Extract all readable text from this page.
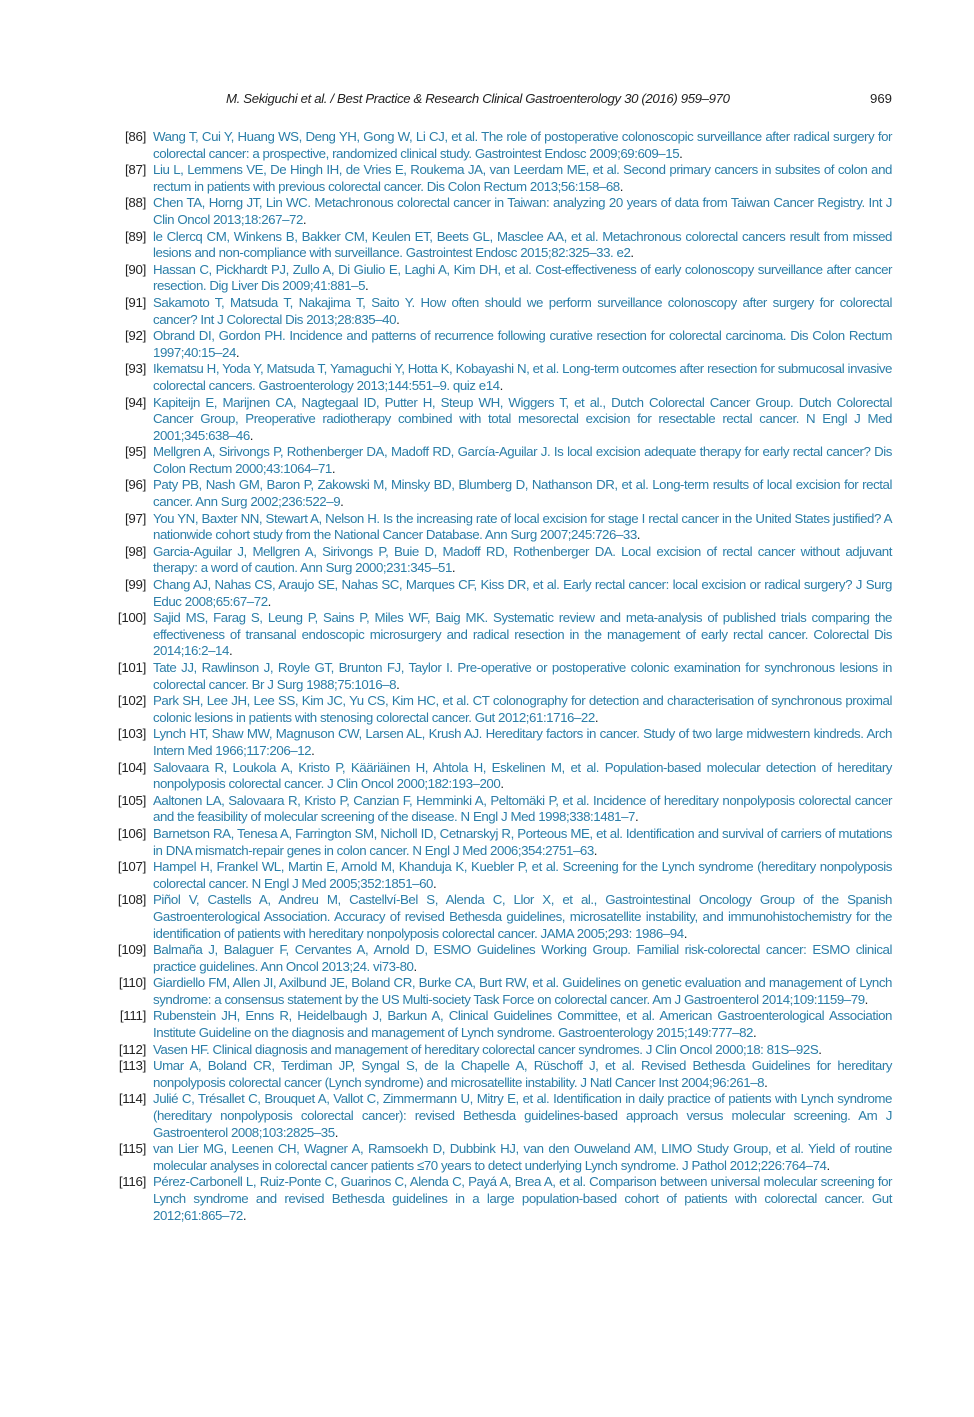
M. Sekiguchi et al. / Best Practice & Research Clinical Gastroenterology 30 (2016) 959–970	969
[86] Wang T, Cui Y, Huang WS, Deng YH, Gong W, Li CJ, et al. The role of postoperative colonoscopic surveillance after radical surgery for colorectal cancer: a prospective, randomized clinical study. Gastrointest Endosc 2009;69:609–15.
[87] Liu L, Lemmens VE, De Hingh IH, de Vries E, Roukema JA, van Leerdam ME, et al. Second primary cancers in subsites of colon and rectum in patients with previous colorectal cancer. Dis Colon Rectum 2013;56:158–68.
[88] Chen TA, Horng JT, Lin WC. Metachronous colorectal cancer in Taiwan: analyzing 20 years of data from Taiwan Cancer Registry. Int J Clin Oncol 2013;18:267–72.
[89] le Clercq CM, Winkens B, Bakker CM, Keulen ET, Beets GL, Masclee AA, et al. Metachronous colorectal cancers result from missed lesions and non-compliance with surveillance. Gastrointest Endosc 2015;82:325–33. e2.
[90] Hassan C, Pickhardt PJ, Zullo A, Di Giulio E, Laghi A, Kim DH, et al. Cost-effectiveness of early colonoscopy surveillance after cancer resection. Dig Liver Dis 2009;41:881–5.
[91] Sakamoto T, Matsuda T, Nakajima T, Saito Y. How often should we perform surveillance colonoscopy after surgery for colorectal cancer? Int J Colorectal Dis 2013;28:835–40.
[92] Obrand DI, Gordon PH. Incidence and patterns of recurrence following curative resection for colorectal carcinoma. Dis Colon Rectum 1997;40:15–24.
[93] Ikematsu H, Yoda Y, Matsuda T, Yamaguchi Y, Hotta K, Kobayashi N, et al. Long-term outcomes after resection for submucosal invasive colorectal cancers. Gastroenterology 2013;144:551–9. quiz e14.
[94] Kapiteijn E, Marijnen CA, Nagtegaal ID, Putter H, Steup WH, Wiggers T, et al., Dutch Colorectal Cancer Group. Dutch Colorectal Cancer Group, Preoperative radiotherapy combined with total mesorectal excision for resectable rectal cancer. N Engl J Med 2001;345:638–46.
[95] Mellgren A, Sirivongs P, Rothenberger DA, Madoff RD, García-Aguilar J. Is local excision adequate therapy for early rectal cancer? Dis Colon Rectum 2000;43:1064–71.
[96] Paty PB, Nash GM, Baron P, Zakowski M, Minsky BD, Blumberg D, Nathanson DR, et al. Long-term results of local excision for rectal cancer. Ann Surg 2002;236:522–9.
[97] You YN, Baxter NN, Stewart A, Nelson H. Is the increasing rate of local excision for stage I rectal cancer in the United States justified? A nationwide cohort study from the National Cancer Database. Ann Surg 2007;245:726–33.
[98] Garcia-Aguilar J, Mellgren A, Sirivongs P, Buie D, Madoff RD, Rothenberger DA. Local excision of rectal cancer without adjuvant therapy: a word of caution. Ann Surg 2000;231:345–51.
[99] Chang AJ, Nahas CS, Araujo SE, Nahas SC, Marques CF, Kiss DR, et al. Early rectal cancer: local excision or radical surgery? J Surg Educ 2008;65:67–72.
[100] Sajid MS, Farag S, Leung P, Sains P, Miles WF, Baig MK. Systematic review and meta-analysis of published trials comparing the effectiveness of transanal endoscopic microsurgery and radical resection in the management of early rectal cancer. Colorectal Dis 2014;16:2–14.
[101] Tate JJ, Rawlinson J, Royle GT, Brunton FJ, Taylor I. Pre-operative or postoperative colonic examination for synchronous lesions in colorectal cancer. Br J Surg 1988;75:1016–8.
[102] Park SH, Lee JH, Lee SS, Kim JC, Yu CS, Kim HC, et al. CT colonography for detection and characterisation of synchronous proximal colonic lesions in patients with stenosing colorectal cancer. Gut 2012;61:1716–22.
[103] Lynch HT, Shaw MW, Magnuson CW, Larsen AL, Krush AJ. Hereditary factors in cancer. Study of two large midwestern kindreds. Arch Intern Med 1966;117:206–12.
[104] Salovaara R, Loukola A, Kristo P, Kääriäinen H, Ahtola H, Eskelinen M, et al. Population-based molecular detection of hereditary nonpolyposis colorectal cancer. J Clin Oncol 2000;182:193–200.
[105] Aaltonen LA, Salovaara R, Kristo P, Canzian F, Hemminki A, Peltomäki P, et al. Incidence of hereditary nonpolyposis colorectal cancer and the feasibility of molecular screening of the disease. N Engl J Med 1998;338:1481–7.
[106] Barnetson RA, Tenesa A, Farrington SM, Nicholl ID, Cetnarskyj R, Porteous ME, et al. Identification and survival of carriers of mutations in DNA mismatch-repair genes in colon cancer. N Engl J Med 2006;354:2751–63.
[107] Hampel H, Frankel WL, Martin E, Arnold M, Khanduja K, Kuebler P, et al. Screening for the Lynch syndrome (hereditary nonpolyposis colorectal cancer. N Engl J Med 2005;352:1851–60.
[108] Piñol V, Castells A, Andreu M, Castellví-Bel S, Alenda C, Llor X, et al., Gastrointestinal Oncology Group of the Spanish Gastroenterological Association. Accuracy of revised Bethesda guidelines, microsatellite instability, and immunohistochemistry for the identification of patients with hereditary nonpolyposis colorectal cancer. JAMA 2005;293: 1986–94.
[109] Balmaña J, Balaguer F, Cervantes A, Arnold D, ESMO Guidelines Working Group. Familial risk-colorectal cancer: ESMO clinical practice guidelines. Ann Oncol 2013;24. vi73-80.
[110] Giardiello FM, Allen JI, Axilbund JE, Boland CR, Burke CA, Burt RW, et al. Guidelines on genetic evaluation and management of Lynch syndrome: a consensus statement by the US Multi-society Task Force on colorectal cancer. Am J Gastroenterol 2014;109:1159–79.
[111] Rubenstein JH, Enns R, Heidelbaugh J, Barkun A, Clinical Guidelines Committee, et al. American Gastroenterological Association Institute Guideline on the diagnosis and management of Lynch syndrome. Gastroenterology 2015;149:777–82.
[112] Vasen HF. Clinical diagnosis and management of hereditary colorectal cancer syndromes. J Clin Oncol 2000;18: 81S–92S.
[113] Umar A, Boland CR, Terdiman JP, Syngal S, de la Chapelle A, Rüschoff J, et al. Revised Bethesda Guidelines for hereditary nonpolyposis colorectal cancer (Lynch syndrome) and microsatellite instability. J Natl Cancer Inst 2004;96:261–8.
[114] Julié C, Trésallet C, Brouquet A, Vallot C, Zimmermann U, Mitry E, et al. Identification in daily practice of patients with Lynch syndrome (hereditary nonpolyposis colorectal cancer): revised Bethesda guidelines-based approach versus molecular screening. Am J Gastroenterol 2008;103:2825–35.
[115] van Lier MG, Leenen CH, Wagner A, Ramsoekh D, Dubbink HJ, van den Ouweland AM, LIMO Study Group, et al. Yield of routine molecular analyses in colorectal cancer patients ≤70 years to detect underlying Lynch syndrome. J Pathol 2012;226:764–74.
[116] Pérez-Carbonell L, Ruiz-Ponte C, Guarinos C, Alenda C, Payá A, Brea A, et al. Comparison between universal molecular screening for Lynch syndrome and revised Bethesda guidelines in a large population-based cohort of patients with colorectal cancer. Gut 2012;61:865–72.
